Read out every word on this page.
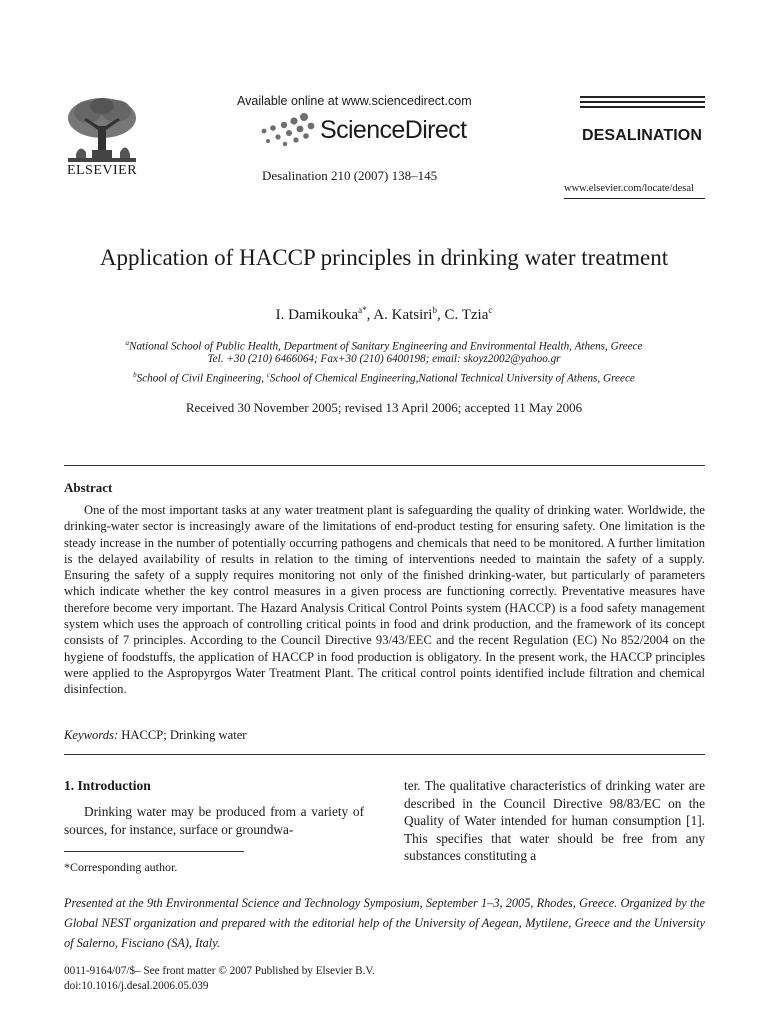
ELSEVIER
Available online at www.sciencedirect.com
ScienceDirect
Desalination 210 (2007) 138–145
DESALINATION
www.elsevier.com/locate/desal
Application of HACCP principles in drinking water treatment
I. Damikouka$^{a*}$, A. Katsiri$^b$, C. Tzia$^c$
$^a$National School of Public Health, Department of Sanitary Engineering and Environmental Health, Athens, Greece
Tel. +30 (210) 6466064; Fax+30 (210) 6400198; email: skoyz2002@yahoo.gr
$^b$School of Civil Engineering, $^c$School of Chemical Engineering,National Technical University of Athens, Greece
Received 30 November 2005; revised 13 April 2006; accepted 11 May 2006
Abstract
One of the most important tasks at any water treatment plant is safeguarding the quality of drinking water. Worldwide, the drinking-water sector is increasingly aware of the limitations of end-product testing for ensuring safety. One limitation is the steady increase in the number of potentially occurring pathogens and chemicals that need to be monitored. A further limitation is the delayed availability of results in relation to the timing of interventions needed to maintain the safety of a supply. Ensuring the safety of a supply requires monitoring not only of the finished drinking-water, but particularly of parameters which indicate whether the key control measures in a given process are functioning correctly. Preventative measures have therefore become very important. The Hazard Analysis Critical Control Points system (HACCP) is a food safety management system which uses the approach of controlling critical points in food and drink production, and the framework of its concept consists of 7 principles. According to the Council Directive 93/43/EEC and the recent Regulation (EC) No 852/2004 on the hygiene of foodstuffs, the application of HACCP in food production is obligatory. In the present work, the HACCP principles were applied to the Aspropyrgos Water Treatment Plant. The critical control points identified include filtration and chemical disinfection.
Keywords: HACCP; Drinking water
1. Introduction
Drinking water may be produced from a variety of sources, for instance, surface or groundwa-
ter. The qualitative characteristics of drinking water are described in the Council Directive 98/83/EC on the Quality of Water intended for human consumption [1]. This specifies that water should be free from any substances constituting a
*Corresponding author.
Presented at the 9th Environmental Science and Technology Symposium, September 1–3, 2005, Rhodes, Greece. Organized by the Global NEST organization and prepared with the editorial help of the University of Aegean, Mytilene, Greece and the University of Salerno, Fisciano (SA), Italy.
0011-9164/07/$– See front matter © 2007 Published by Elsevier B.V.
doi:10.1016/j.desal.2006.05.039
